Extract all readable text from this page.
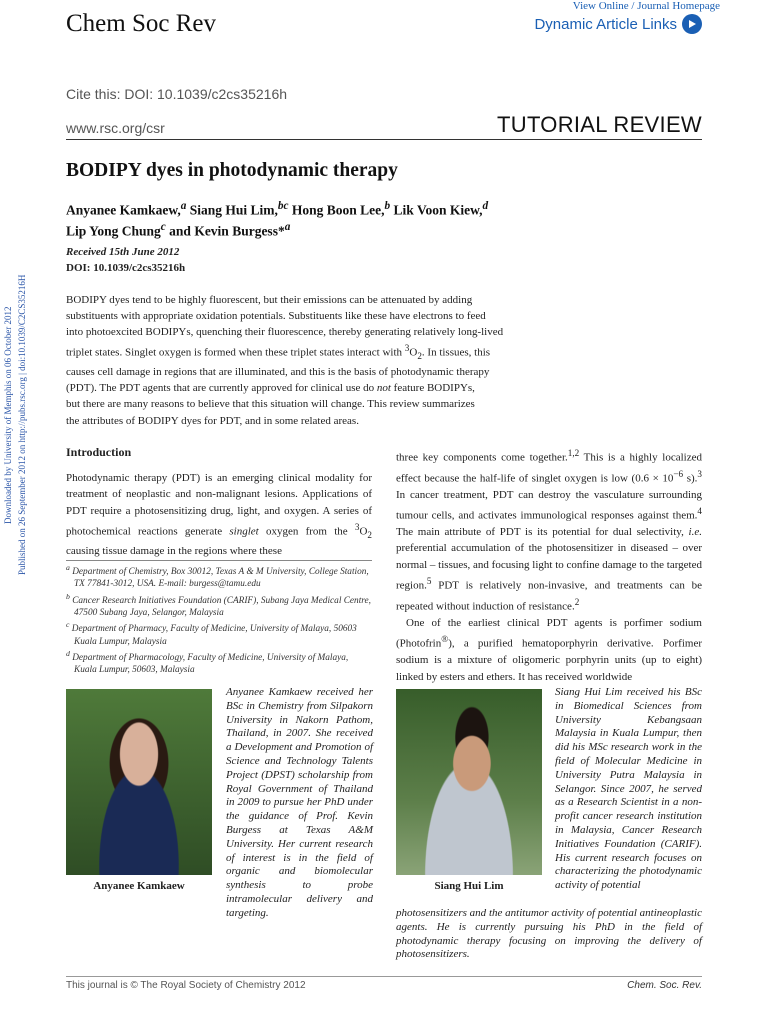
Chem Soc Rev
View Online / Journal Homepage
Dynamic Article Links
Cite this: DOI: 10.1039/c2cs35216h
www.rsc.org/csr	TUTORIAL REVIEW
BODIPY dyes in photodynamic therapy
Anyanee Kamkaew,$^a$ Siang Hui Lim,$^{bc}$ Hong Boon Lee,$^b$ Lik Voon Kiew,$^d$
Lip Yong Chung$^c$ and Kevin Burgess*$^a$
Received 15th June 2012
DOI: 10.1039/c2cs35216h
BODIPY dyes tend to be highly fluorescent, but their emissions can be attenuated by adding
substituents with appropriate oxidation potentials. Substituents like these have electrons to feed
into photoexcited BODIPYs, quenching their fluorescence, thereby generating relatively long-lived
triplet states. Singlet oxygen is formed when these triplet states interact with $^3O_2$. In tissues, this
causes cell damage in regions that are illuminated, and this is the basis of photodynamic therapy
(PDT). The PDT agents that are currently approved for clinical use do not feature BODIPYs,
but there are many reasons to believe that this situation will change. This review summarizes
the attributes of BODIPY dyes for PDT, and in some related areas.
Downloaded by University of Memphis on 06 October 2012 Published on 26 September 2012 on http://pubs.rsc.org | doi:10.1039/C2CS35216H	Introduction
Photodynamic therapy (PDT) is an emerging clinical modality for treatment of neoplastic and non-malignant lesions. Applications of PDT require a photosensitizing drug, light, and oxygen. A series of photochemical reactions generate singlet oxygen from the $^3O_2$ causing tissue damage in the regions where these
$^a$ Department of Chemistry, Box 30012, Texas A & M University, College Station, TX 77841-3012, USA. E-mail: burgess@tamu.edu
$^b$ Cancer Research Initiatives Foundation (CARIF), Subang Jaya Medical Centre, 47500 Subang Jaya, Selangor, Malaysia
$^c$ Department of Pharmacy, Faculty of Medicine, University of Malaya, 50603 Kuala Lumpur, Malaysia
$^d$ Department of Pharmacology, Faculty of Medicine, University of Malaya, Kuala Lumpur, 50603, Malaysia

three key components come together.$^{1,2}$ This is a highly localized effect because the half-life of singlet oxygen is low ($0.6 \times 10^{-6}$ s).$^3$ In cancer treatment, PDT can destroy the vasculature surrounding tumour cells, and activates immunological responses against them.$^4$ The main attribute of PDT is its potential for dual selectivity, i.e. preferential accumulation of the photosensitizer in diseased – over normal – tissues, and focusing light to confine damage to the targeted region.$^5$ PDT is relatively non-invasive, and treatments can be repeated without induction of resistance.$^2$

One of the earliest clinical PDT agents is porfimer sodium (Photofrin®), a purified hematoporphyrin derivative. Porfimer sodium is a mixture of oligomeric porphyrin units (up to eight) linked by esters and ethers. It has received worldwide

Anyanee Kamkaew
Anyanee Kamkaew received her BSc in Chemistry from Silpakorn University in Nakorn Pathom, Thailand, in 2007. She received a Development and Promotion of Science and Technology Talents Project (DPST) scholarship from Royal Government of Thailand in 2009 to pursue her PhD under the guidance of Prof. Kevin Burgess at Texas A&M University. Her current research of interest is in the field of organic and biomolecular synthesis to probe intramolecular delivery and targeting.
Siang Hui Lim
Siang Hui Lim received his BSc in Biomedical Sciences from University Kebangsaan Malaysia in Kuala Lumpur, then did his MSc research work in the field of Molecular Medicine in University Putra Malaysia in Selangor. Since 2007, he served as a Research Scientist in a non-profit cancer research institution in Malaysia, Cancer Research Initiatives Foundation (CARIF). His current research focuses on characterizing the photodynamic activity of potential
photosensitizers and the antitumor activity of potential antineoplastic agents. He is currently pursuing his PhD in the field of photodynamic therapy focusing on improving the delivery of photosensitizers.
This journal is © The Royal Society of Chemistry 2012	Chem. Soc. Rev.
